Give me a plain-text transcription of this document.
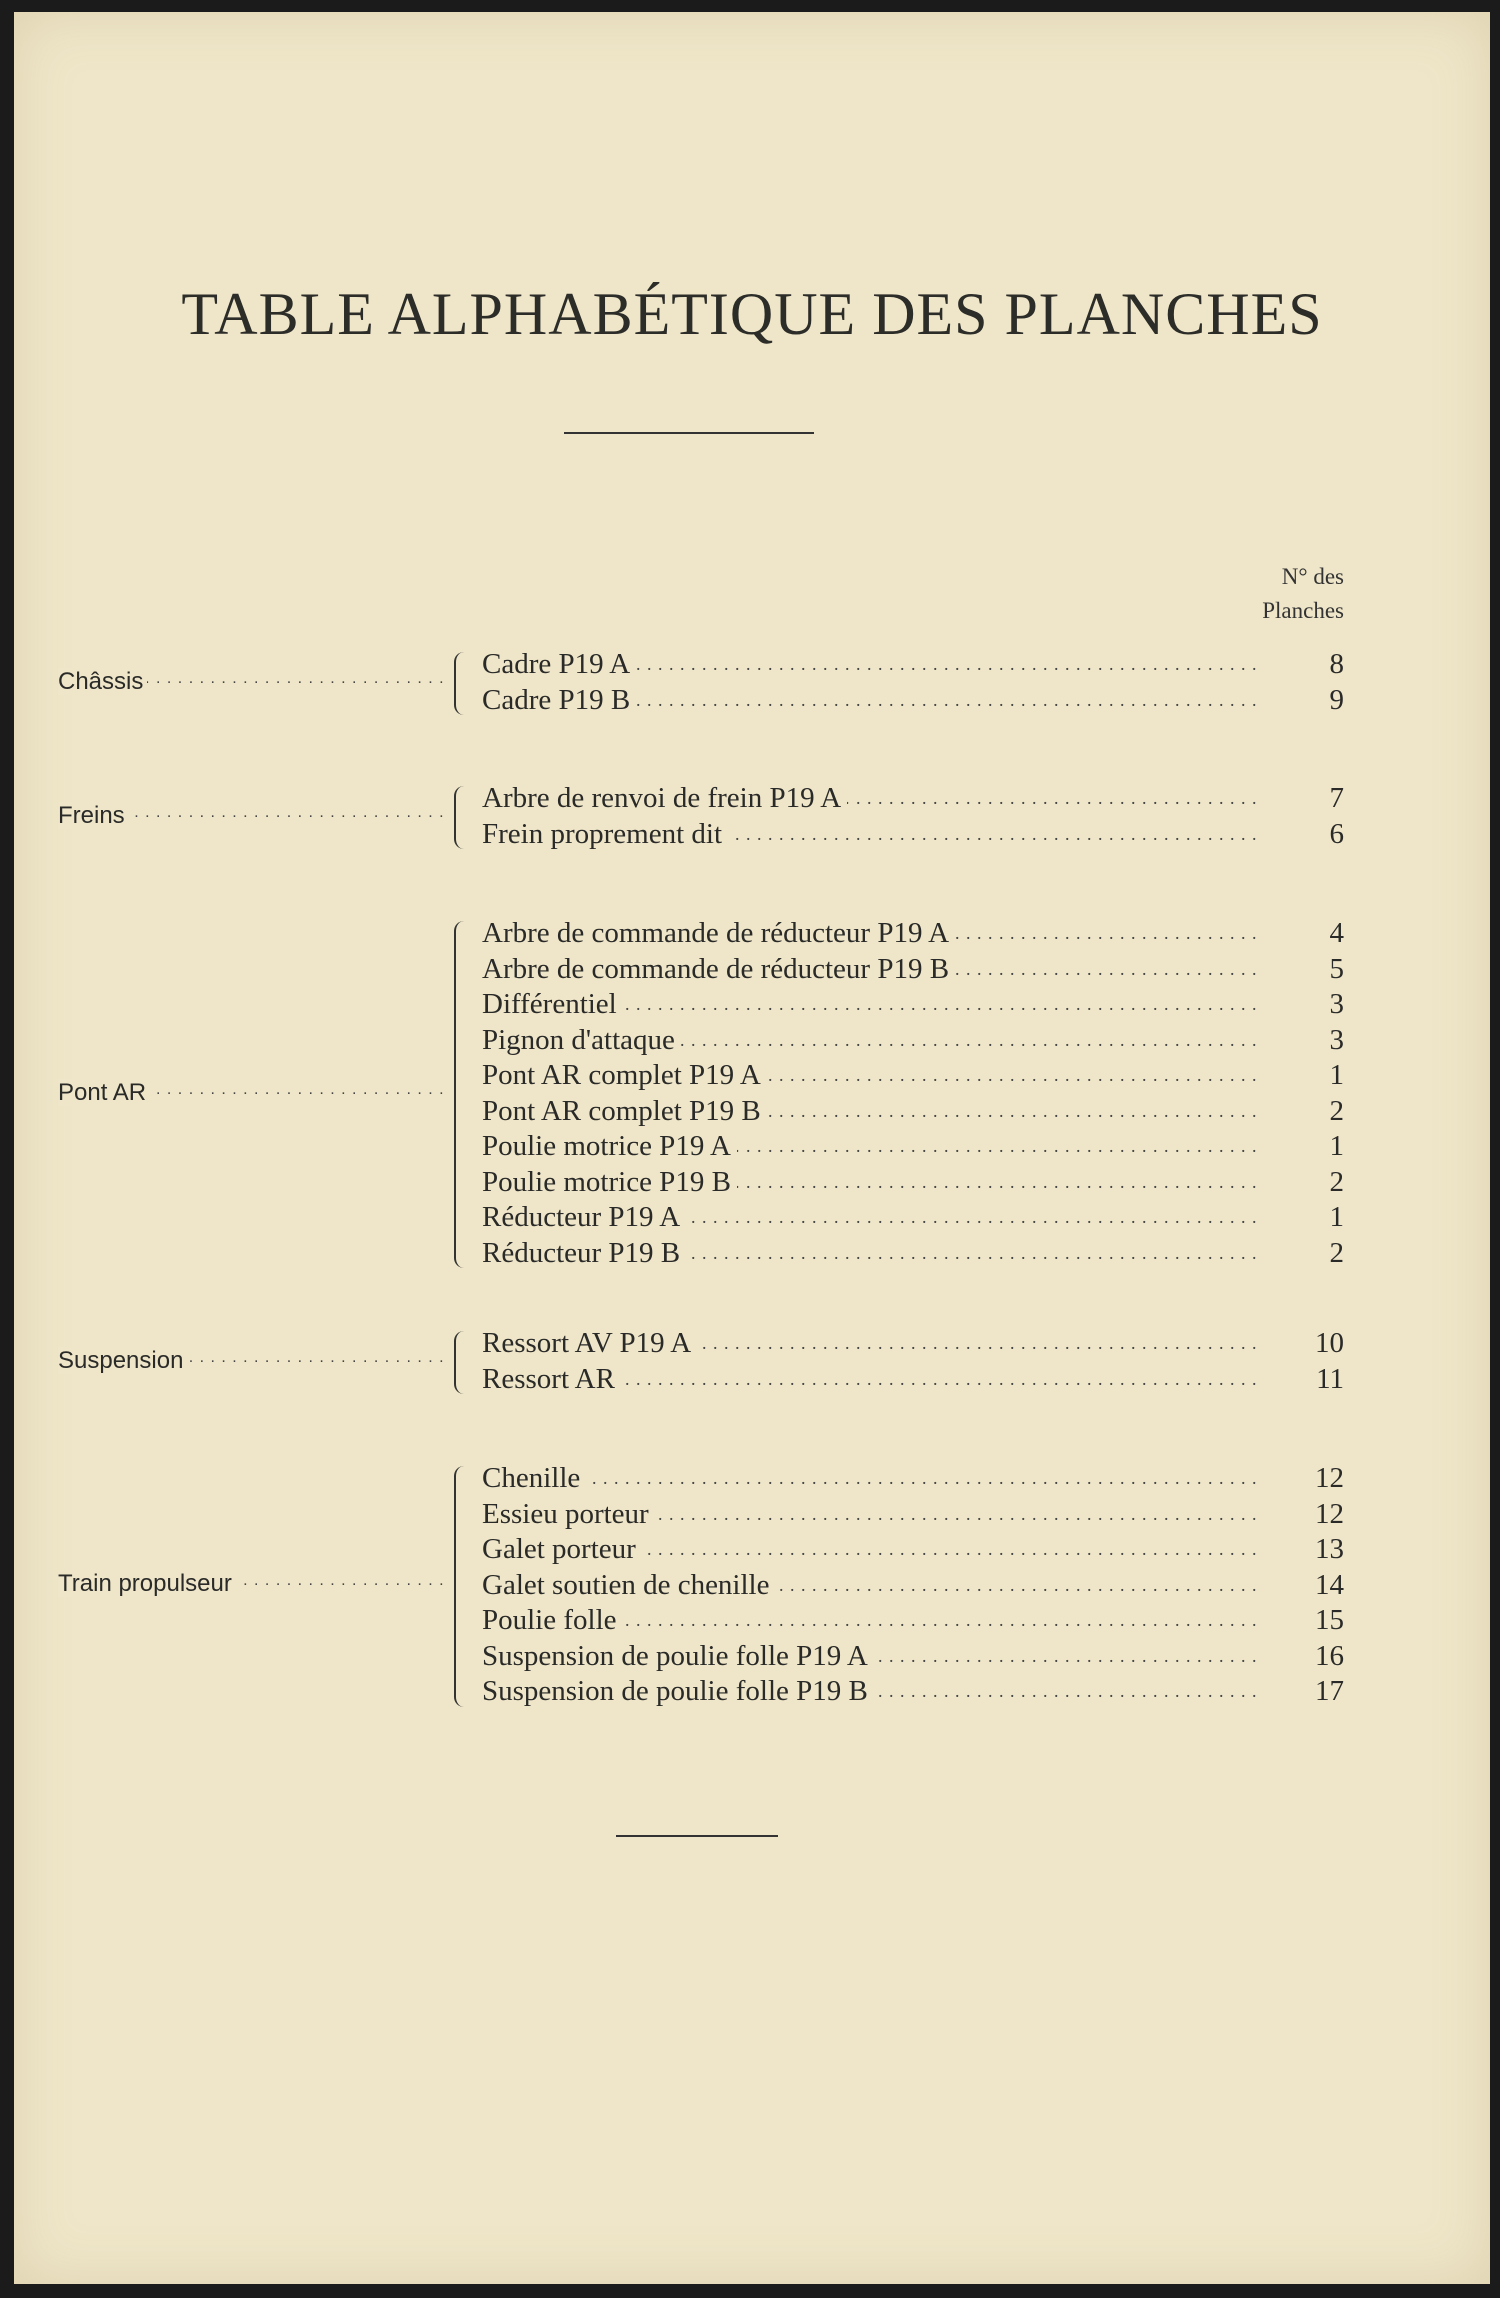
TABLE ALPHABÉTIQUE DES PLANCHES
N° des
Planches
Châssis . . .
Cadre P19 A . . .	8
Cadre P19 B . . .	9
Freins . . .
Arbre de renvoi de frein P19 A . . .	7
Frein proprement dit . . .	6
Pont AR . . .
Arbre de commande de réducteur P19 A . . .	4
Arbre de commande de réducteur P19 B . . .	5
Différentiel . . .	3
Pignon d'attaque . . .	3
Pont AR complet P19 A . . .	1
Pont AR complet P19 B . . .	2
Poulie motrice P19 A . . .	1
Poulie motrice P19 B . . .	2
Réducteur P19 A . . .	1
Réducteur P19 B . . .	2
Suspension . . .
Ressort AV P19 A . . .	10
Ressort AR . . .	11
Train propulseur . . .
Chenille . . .	12
Essieu porteur . . .	12
Galet porteur . . .	13
Galet soutien de chenille . . .	14
Poulie folle . . .	15
Suspension de poulie folle P19 A . . .	16
Suspension de poulie folle P19 B . . .	17
